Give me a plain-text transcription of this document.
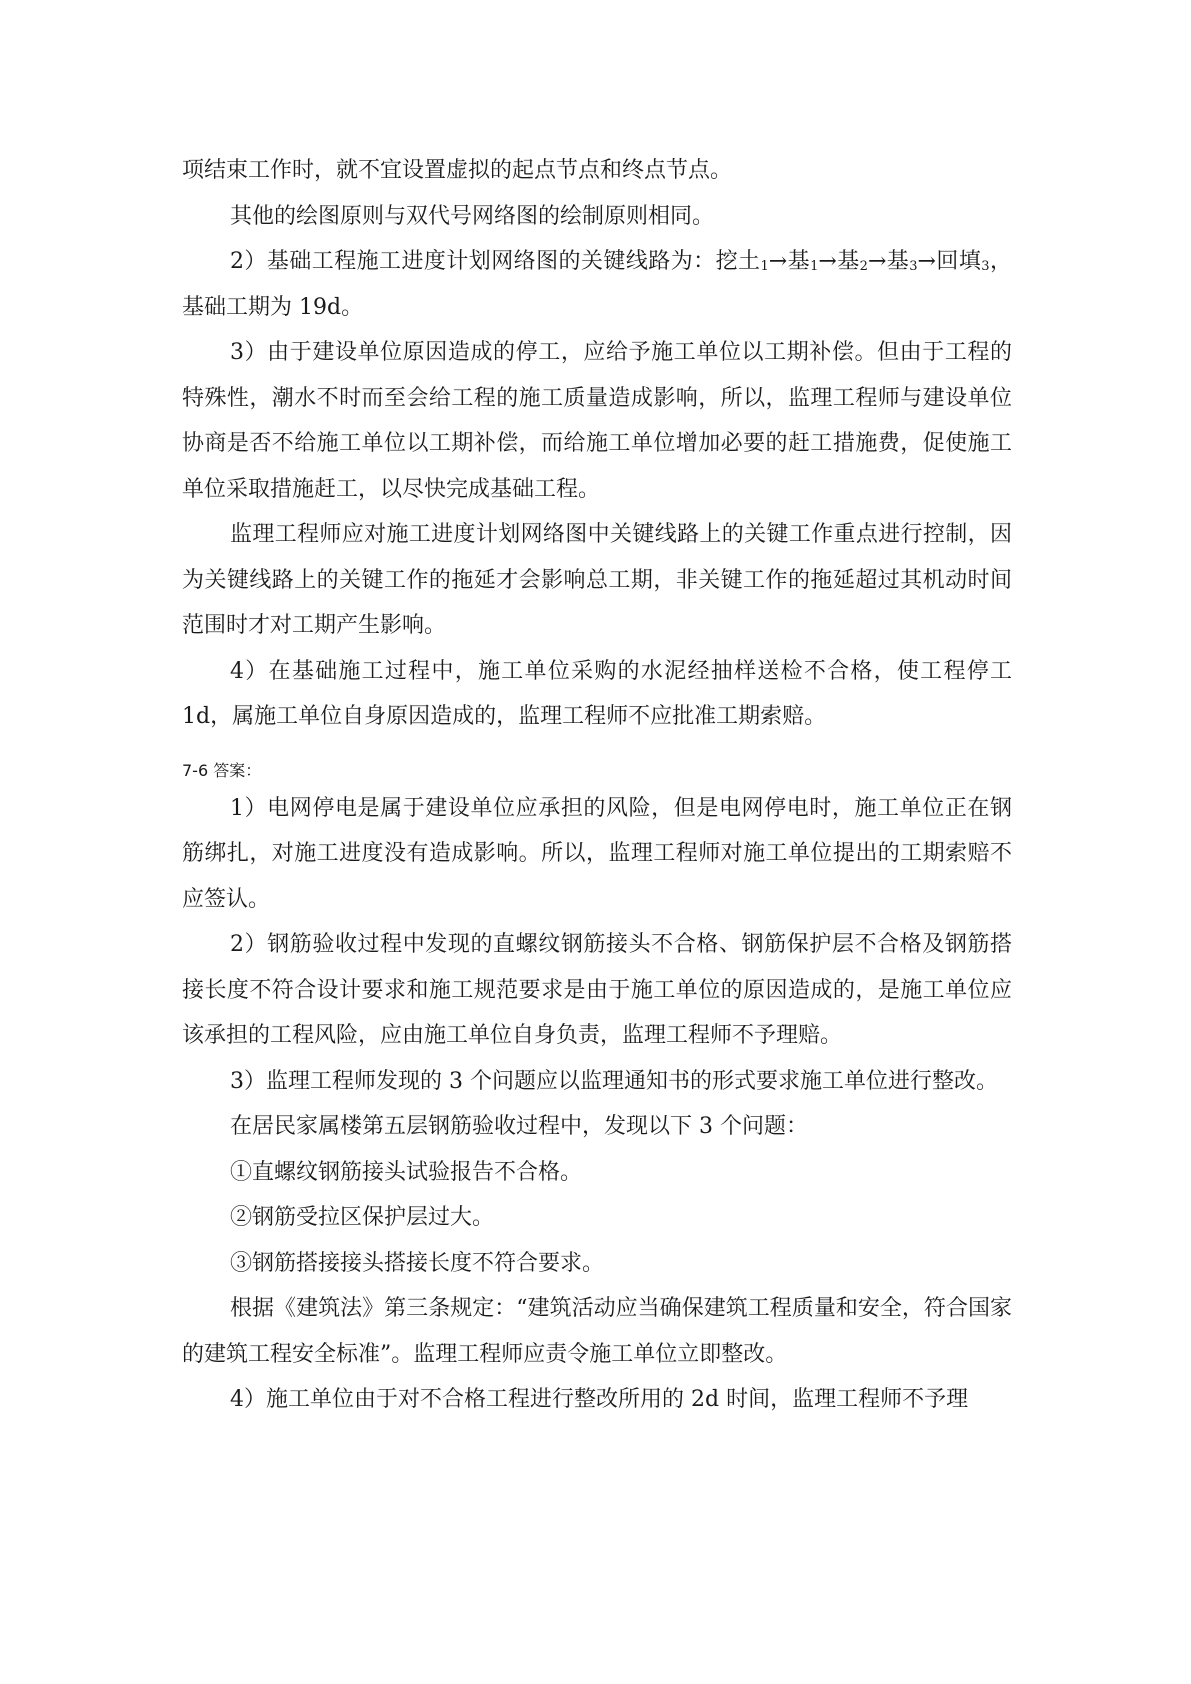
项结束工作时，就不宜设置虚拟的起点节点和终点节点。

其他的绘图原则与双代号网络图的绘制原则相同。

2）基础工程施工进度计划网络图的关键线路为：挖土$_1$→基$_1$→基$_2$→基$_3$→回填$_3$，基础工期为 19d。

3）由于建设单位原因造成的停工，应给予施工单位以工期补偿。但由于工程的特殊性，潮水不时而至会给工程的施工质量造成影响，所以，监理工程师与建设单位协商是否不给施工单位以工期补偿，而给施工单位增加必要的赶工措施费，促使施工单位采取措施赶工，以尽快完成基础工程。

监理工程师应对施工进度计划网络图中关键线路上的关键工作重点进行控制，因为关键线路上的关键工作的拖延才会影响总工期，非关键工作的拖延超过其机动时间范围时才对工期产生影响。

4）在基础施工过程中，施工单位采购的水泥经抽样送检不合格，使工程停工 1d，属施工单位自身原因造成的，监理工程师不应批准工期索赔。

7-6 答案：

1）电网停电是属于建设单位应承担的风险，但是电网停电时，施工单位正在钢筋绑扎，对施工进度没有造成影响。所以，监理工程师对施工单位提出的工期索赔不应签认。

2）钢筋验收过程中发现的直螺纹钢筋接头不合格、钢筋保护层不合格及钢筋搭接长度不符合设计要求和施工规范要求是由于施工单位的原因造成的，是施工单位应该承担的工程风险，应由施工单位自身负责，监理工程师不予理赔。

3）监理工程师发现的 3 个问题应以监理通知书的形式要求施工单位进行整改。

在居民家属楼第五层钢筋验收过程中，发现以下 3 个问题：

①直螺纹钢筋接头试验报告不合格。

②钢筋受拉区保护层过大。

③钢筋搭接接头搭接长度不符合要求。

根据《建筑法》第三条规定：“建筑活动应当确保建筑工程质量和安全，符合国家的建筑工程安全标准”。监理工程师应责令施工单位立即整改。

4）施工单位由于对不合格工程进行整改所用的 2d 时间，监理工程师不予理
